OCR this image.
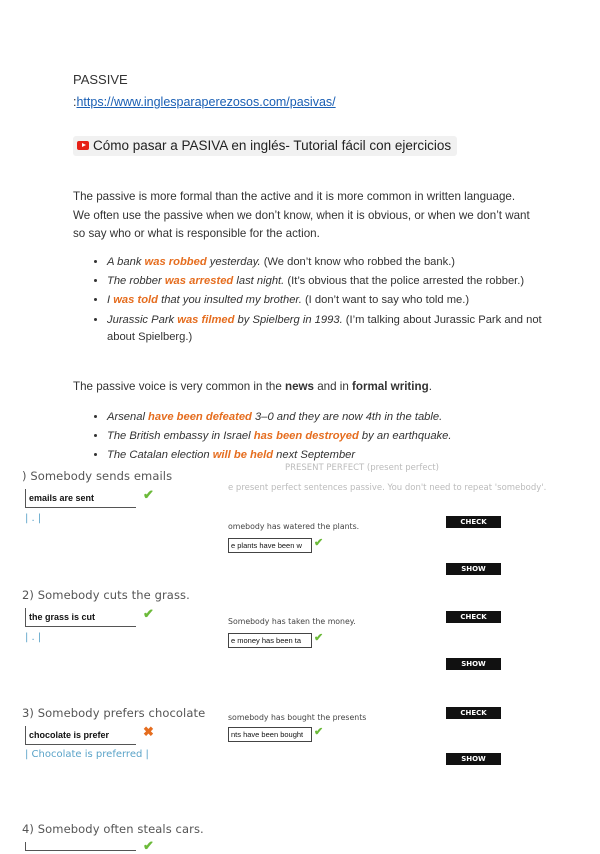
PASSIVE
:https://www.inglesparaperezosos.com/pasivas/
Cómo pasar a PASIVA en inglés- Tutorial fácil con ejercicios
The passive is more formal than the active and it is more common in written language. We often use the passive when we don’t know, when it is obvious, or when we don’t want so say who or what is responsible for the action.
• A bank was robbed yesterday. (We don’t know who robbed the bank.)
• The robber was arrested last night. (It’s obvious that the police arrested the robber.)
• I was told that you insulted my brother. (I don’t want to say who told me.)
• Jurassic Park was filmed by Spielberg in 1993. (I’m talking about Jurassic Park and not about Spielberg.)
The passive voice is very common in the news and in formal writing.
• Arsenal have been defeated 3–0 and they are now 4th in the table.
• The British embassy in Israel has been destroyed by an earthquake.
• The Catalan election will be held next September
) Somebody sends emails
emails are sent	✔
| . |
2) Somebody cuts the grass.
the grass is cut	✔
| . |
3) Somebody prefers chocolate
chocolate is prefer	✖
| Chocolate is preferred |
4) Somebody often steals cars.
✔
PRESENT PERFECT (present perfect)
e present perfect sentences passive. You don't need to repeat 'somebody'.
omebody has watered the plants.
e plants have been w	✔
CHECK
SHOW
Somebody has taken the money.
e money has been ta	✔
CHECK
SHOW
somebody has bought the presents
nts have been bought ✔
CHECK
SHOW
